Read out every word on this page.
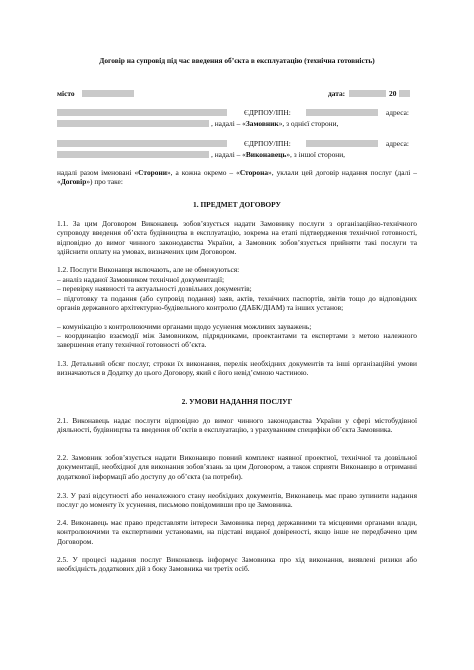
Договір на супровід під час введення об’єкта в експлуатацію (технічна готовність)
місто	дата:	20
ЄДРПОУ/ІПН:	адреса:
, надалі – «Замовник», з однієї сторони,
ЄДРПОУ/ІПН:	адреса:
, надалі – «Виконавець», з іншої сторони,
надалі разом іменовані «Сторони», а кожна окремо – «Сторона», уклали цей договір надання послуг (далі – «Договір») про таке:
1. ПРЕДМЕТ ДОГОВОРУ
1.1. За цим Договором Виконавець зобов’язується надати Замовнику послуги з організаційно-технічного супроводу введення об’єкта будівництва в експлуатацію, зокрема на етапі підтвердження технічної готовності, відповідно до вимог чинного законодавства України, а Замовник зобов’язується прийняти такі послуги та здійснити оплату на умовах, визначених цим Договором.
1.2. Послуги Виконавця включають, але не обмежуються:
– аналіз наданої Замовником технічної документації;
– перевірку наявності та актуальності дозвільних документів;
– підготовку та подання (або супровід подання) заяв, актів, технічних паспортів, звітів тощо до відповідних органів державного архітектурно-будівельного контролю (ДАБК/ДІАМ) та інших установ;
– комунікацію з контролюючими органами щодо усунення можливих зауважень;
– координацію взаємодії між Замовником, підрядниками, проектантами та експертами з метою належного завершення етапу технічної готовності об’єкта.
1.3. Детальний обсяг послуг, строки їх виконання, перелік необхідних документів та інші організаційні умови визначаються в Додатку до цього Договору, який є його невід’ємною частиною.
2. УМОВИ НАДАННЯ ПОСЛУГ
2.1. Виконавець надає послуги відповідно до вимог чинного законодавства України у сфері містобудівної діяльності, будівництва та введення об’єктів в експлуатацію, з урахуванням специфіки об’єкта Замовника.
2.2. Замовник зобов’язується надати Виконавцю повний комплект наявної проектної, технічної та дозвільної документації, необхідної для виконання зобов’язань за цим Договором, а також сприяти Виконавцю в отриманні додаткової інформації або доступу до об’єкта (за потреби).
2.3. У разі відсутності або неналежного стану необхідних документів, Виконавець має право зупинити надання послуг до моменту їх усунення, письмово повідомивши про це Замовника.
2.4. Виконавець має право представляти інтереси Замовника перед державними та місцевими органами влади, контролюючими та експертними установами, на підставі виданої довіреності, якщо інше не передбачено цим Договором.
2.5. У процесі надання послуг Виконавець інформує Замовника про хід виконання, виявлені ризики або необхідність додаткових дій з боку Замовника чи третіх осіб.
